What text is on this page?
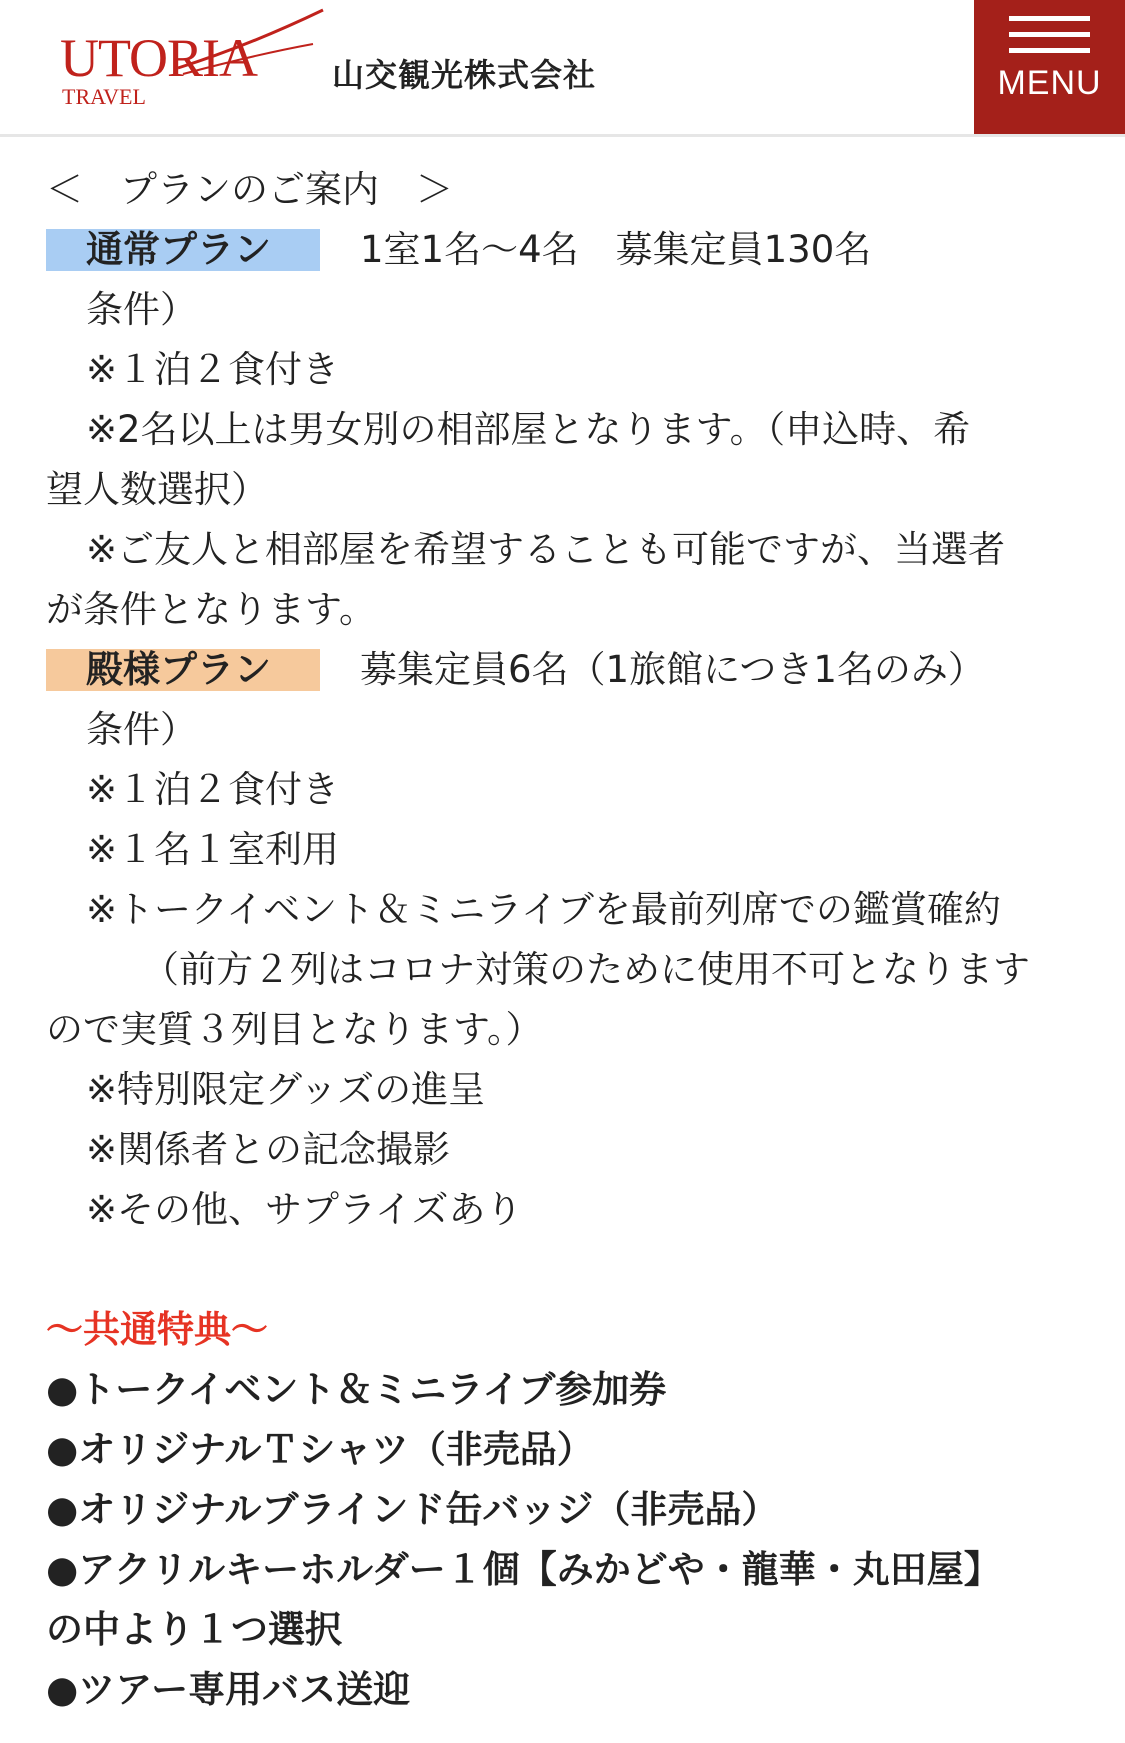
UTORIA
TRAVEL
山交観光株式会社	MENU
＜　プランのご案内　＞
通常プラン	1室1名〜4名　募集定員130名
条件）
※１泊２食付き
※2名以上は男女別の相部屋となります。（申込時、希
望人数選択）
※ご友人と相部屋を希望することも可能ですが、当選者
が条件となります。
殿様プラン	募集定員6名（1旅館につき1名のみ）
条件）
※１泊２食付き
※１名１室利用
※トークイベント＆ミニライブを最前列席での鑑賞確約
（前方２列はコロナ対策のために使用不可となります
ので実質３列目となります。）
※特別限定グッズの進呈
※関係者との記念撮影
※その他、サプライズあり
〜共通特典〜
●トークイベント＆ミニライブ参加券
●オリジナルＴシャツ（非売品）
●オリジナルブラインド缶バッジ（非売品）
●アクリルキーホルダー１個【みかどや・龍華・丸田屋】
の中より１つ選択
●ツアー専用バス送迎
